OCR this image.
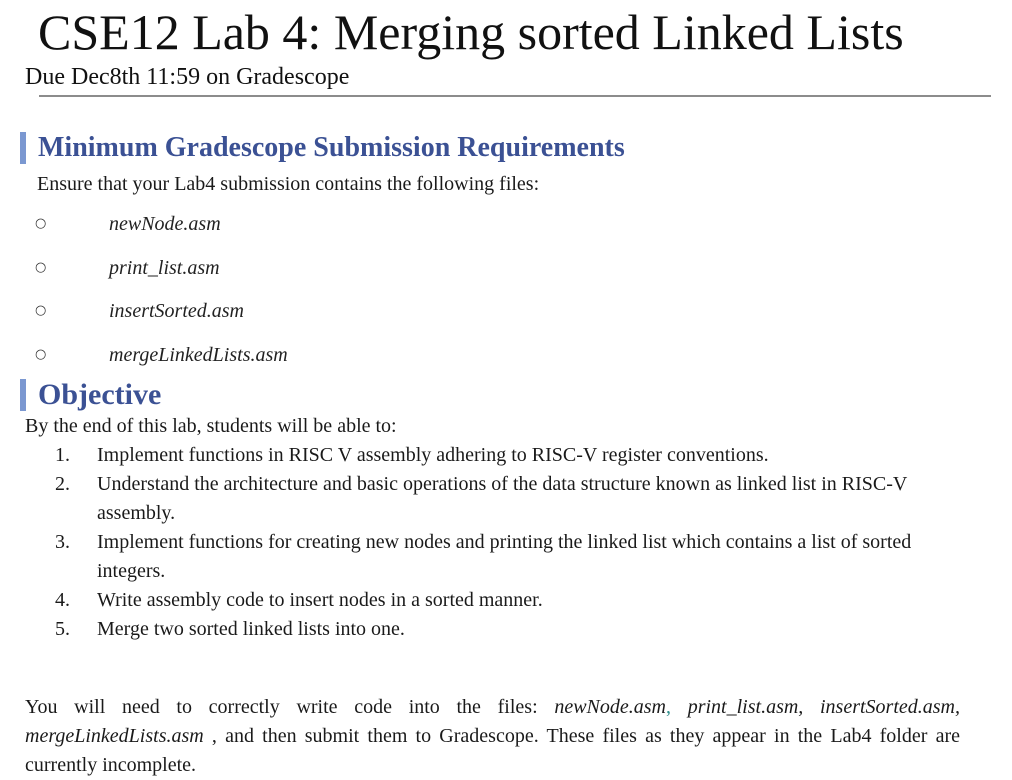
CSE12 Lab 4: Merging sorted Linked Lists
Due Dec8th 11:59 on Gradescope
Minimum Gradescope Submission Requirements
Ensure that your Lab4 submission contains the following files:
○	newNode.asm
○	print_list.asm
○	insertSorted.asm
○	mergeLinkedLists.asm
Objective
By the end of this lab, students will be able to:
1.	Implement functions in RISC V assembly adhering to RISC-V register conventions.
2.	Understand the architecture and basic operations of the data structure known as linked list in RISC-V assembly.
3.	Implement functions for creating new nodes and printing the linked list which contains a list of sorted integers.
4.	Write assembly code to insert nodes in a sorted manner.
5.	Merge two sorted linked lists into one.

You will need to correctly write code into the files: newNode.asm, print_list.asm, insertSorted.asm, mergeLinkedLists.asm , and then submit them to Gradescope. These files as they appear in the Lab4 folder are currently incomplete.
